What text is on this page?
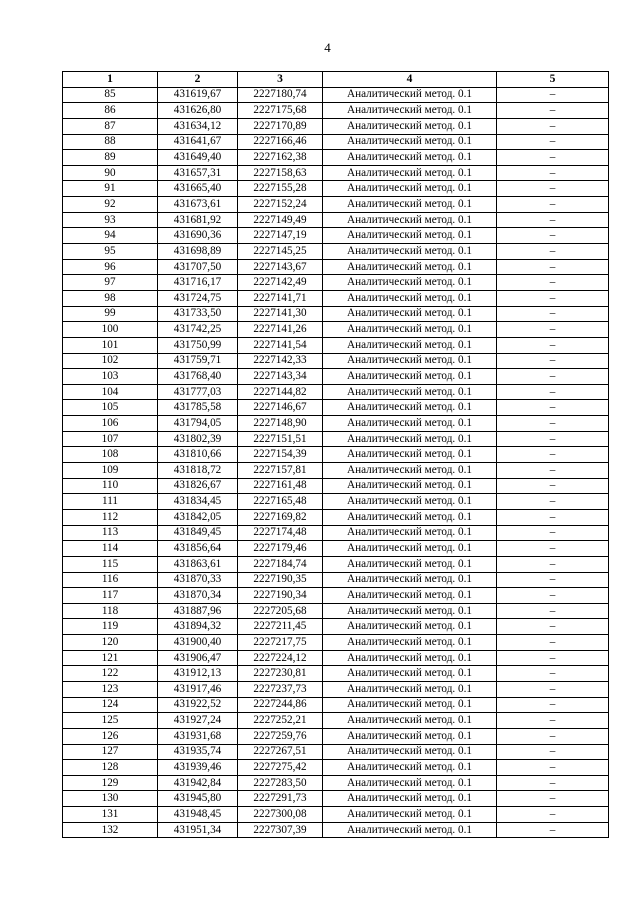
4
1	2	3	4	5
85	431619,67	2227180,74	Аналитический метод. 0.1	–
86	431626,80	2227175,68	Аналитический метод. 0.1	–
87	431634,12	2227170,89	Аналитический метод. 0.1	–
88	431641,67	2227166,46	Аналитический метод. 0.1	–
89	431649,40	2227162,38	Аналитический метод. 0.1	–
90	431657,31	2227158,63	Аналитический метод. 0.1	–
91	431665,40	2227155,28	Аналитический метод. 0.1	–
92	431673,61	2227152,24	Аналитический метод. 0.1	–
93	431681,92	2227149,49	Аналитический метод. 0.1	–
94	431690,36	2227147,19	Аналитический метод. 0.1	–
95	431698,89	2227145,25	Аналитический метод. 0.1	–
96	431707,50	2227143,67	Аналитический метод. 0.1	–
97	431716,17	2227142,49	Аналитический метод. 0.1	–
98	431724,75	2227141,71	Аналитический метод. 0.1	–
99	431733,50	2227141,30	Аналитический метод. 0.1	–
100	431742,25	2227141,26	Аналитический метод. 0.1	–
101	431750,99	2227141,54	Аналитический метод. 0.1	–
102	431759,71	2227142,33	Аналитический метод. 0.1	–
103	431768,40	2227143,34	Аналитический метод. 0.1	–
104	431777,03	2227144,82	Аналитический метод. 0.1	–
105	431785,58	2227146,67	Аналитический метод. 0.1	–
106	431794,05	2227148,90	Аналитический метод. 0.1	–
107	431802,39	2227151,51	Аналитический метод. 0.1	–
108	431810,66	2227154,39	Аналитический метод. 0.1	–
109	431818,72	2227157,81	Аналитический метод. 0.1	–
110	431826,67	2227161,48	Аналитический метод. 0.1	–
111	431834,45	2227165,48	Аналитический метод. 0.1	–
112	431842,05	2227169,82	Аналитический метод. 0.1	–
113	431849,45	2227174,48	Аналитический метод. 0.1	–
114	431856,64	2227179,46	Аналитический метод. 0.1	–
115	431863,61	2227184,74	Аналитический метод. 0.1	–
116	431870,33	2227190,35	Аналитический метод. 0.1	–
117	431870,34	2227190,34	Аналитический метод. 0.1	–
118	431887,96	2227205,68	Аналитический метод. 0.1	–
119	431894,32	2227211,45	Аналитический метод. 0.1	–
120	431900,40	2227217,75	Аналитический метод. 0.1	–
121	431906,47	2227224,12	Аналитический метод. 0.1	–
122	431912,13	2227230,81	Аналитический метод. 0.1	–
123	431917,46	2227237,73	Аналитический метод. 0.1	–
124	431922,52	2227244,86	Аналитический метод. 0.1	–
125	431927,24	2227252,21	Аналитический метод. 0.1	–
126	431931,68	2227259,76	Аналитический метод. 0.1	–
127	431935,74	2227267,51	Аналитический метод. 0.1	–
128	431939,46	2227275,42	Аналитический метод. 0.1	–
129	431942,84	2227283,50	Аналитический метод. 0.1	–
130	431945,80	2227291,73	Аналитический метод. 0.1	–
131	431948,45	2227300,08	Аналитический метод. 0.1	–
132	431951,34	2227307,39	Аналитический метод. 0.1	–
